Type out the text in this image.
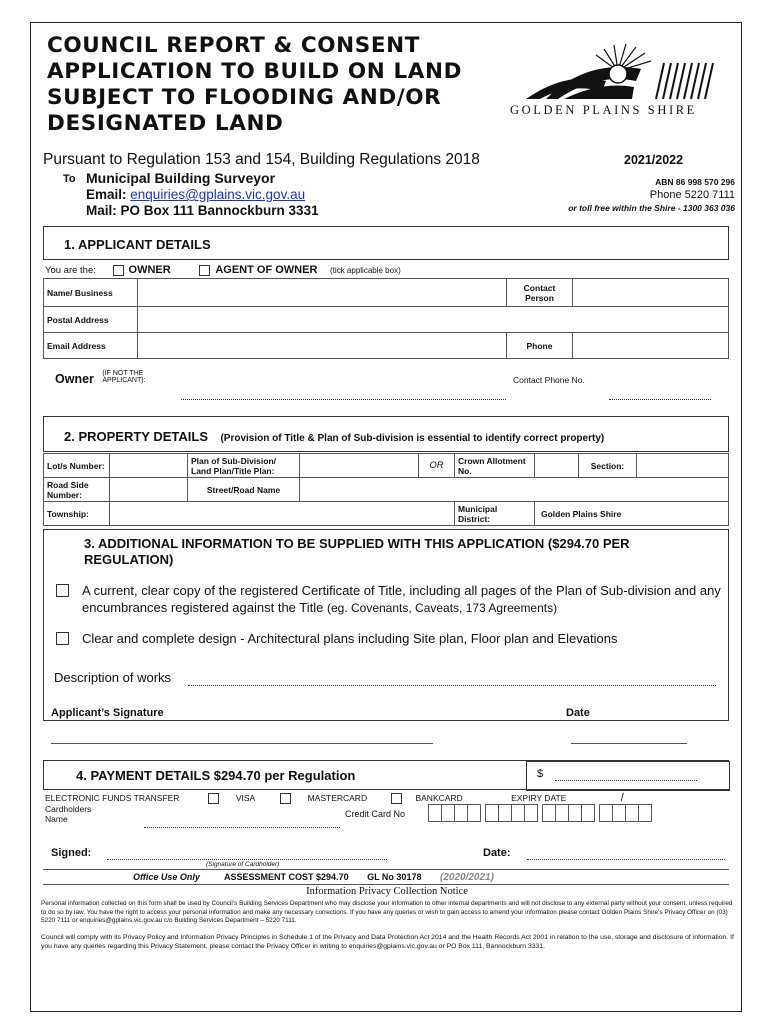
COUNCIL REPORT & CONSENT APPLICATION TO BUILD ON LAND SUBJECT TO FLOODING AND/OR DESIGNATED LAND
GOLDEN PLAINS SHIRE
Pursuant to Regulation 153 and 154, Building Regulations 2018	2021/2022
To Municipal Building Surveyor
Email: enquiries@gplains.vic.gov.au
Mail: PO Box 111 Bannockburn 3331
ABN 86 998 570 296
Phone 5220 7111
or toll free within the Shire - 1300 363 036
1. APPLICANT DETAILS
You are the:	OWNER	AGENT OF OWNER (tick applicable box)
Name/ Business		Contact Person	
Postal Address			
Email Address		Phone	
Owner (IF NOT THE APPLICANT):	Contact Phone No.
2. PROPERTY DETAILS (Provision of Title & Plan of Sub-division is essential to identify correct property)
Lot/s Number:		Plan of Sub-Division/ Land Plan/Title Plan:		OR	Crown Allotment No.		Section:	
Road Side Number:		Street/Road Name						
Township:					Municipal District:	Golden Plains Shire		
3. ADDITIONAL INFORMATION TO BE SUPPLIED WITH THIS APPLICATION ($294.70 PER REGULATION)
A current, clear copy of the registered Certificate of Title, including all pages of the Plan of Sub-division and any encumbrances registered against the Title (eg. Covenants, Caveats, 173 Agreements)
Clear and complete design - Architectural plans including Site plan, Floor plan and Elevations
Description of works
Applicant’s Signature	Date
4. PAYMENT DETAILS $294.70 per Regulation	$
ELECTRONIC FUNDS TRANSFER	VISA	MASTERCARD	BANKCARD	EXPIRY DATE	/
Cardholders Name	Credit Card No

Signed:
(Signature of Cardholder)
Date:
Office Use Only	ASSESSMENT COST $294.70 GL No 30178 (2020/2021)
Information Privacy Collection Notice
Personal information collected on this form shall be used by Council’s Building Services Department who may disclose your information to other internal departments and will not disclose to any external party without your consent, unless required to do so by law. You have the right to access your personal information and make any necessary corrections. If you have any queries or wish to gain access to amend your information please contact Golden Plains Shire’s Privacy Officer on (03) 5220 7111 or enquiries@gplains.vic.gov.au c/o Building Services Department – 5220 7111.
Council will comply with its Privacy Policy and Information Privacy Principles in Schedule 1 of the Privacy and Data Protection Act 2014 and the Health Records Act 2001 in relation to the use, storage and disclosure of information. If you have any queries regarding this Privacy Statement, please contact the Privacy Officer in writing to enquiries@gplains.vic.gov.au or PO Box 111, Bannockburn 3331.
